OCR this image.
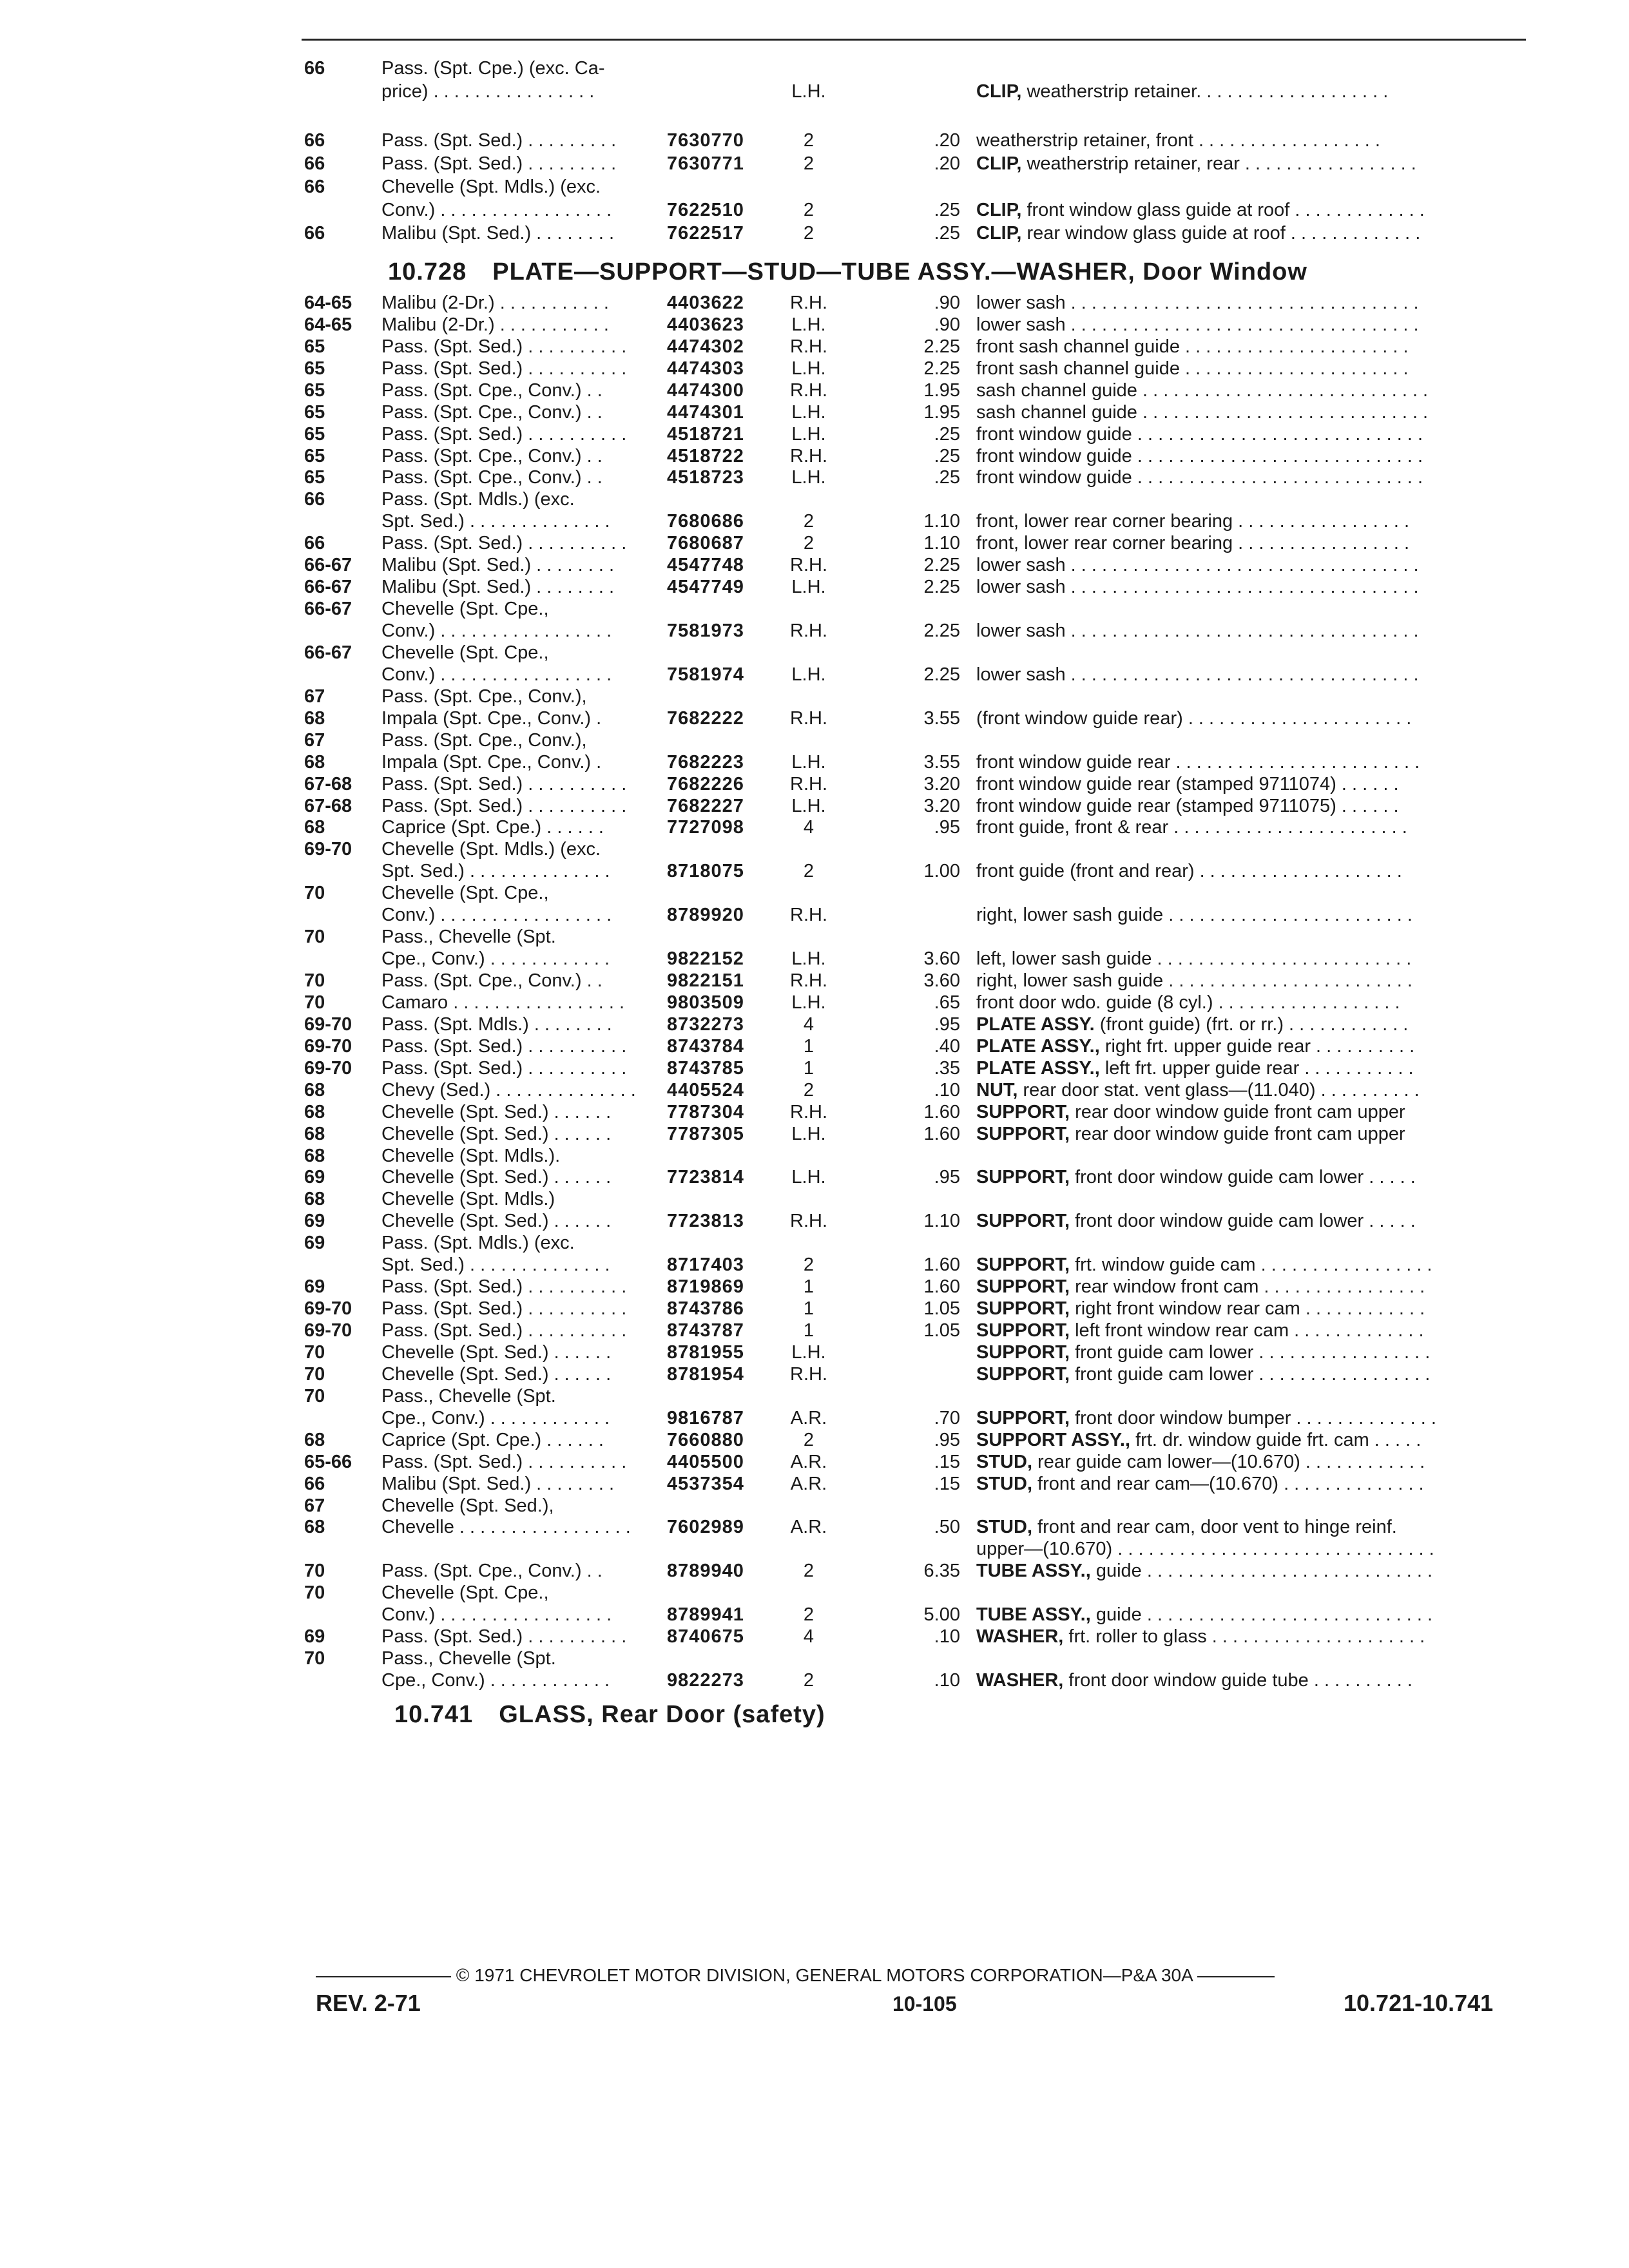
10.728 PLATE—SUPPORT—STUD—TUBE ASSY.—WASHER, Door Window
10.741 GLASS, Rear Door (safety)
66	Pass. (Spt. Cpe.) (exc. Ca-
price) . . . . . . . . . . . . . . . .	L.H.	CLIP, weatherstrip retainer. . . . . . . . . . . . . . . . . . .
66	Pass. (Spt. Sed.) . . . . . . . . .	7630770	2	.20 weatherstrip retainer, front . . . . . . . . . . . . . . . . . .
66	Pass. (Spt. Sed.) . . . . . . . . .	7630771	2	.20 CLIP, weatherstrip retainer, rear . . . . . . . . . . . . . . . . .
66	Chevelle (Spt. Mdls.) (exc.
Conv.) . . . . . . . . . . . . . . . . .	7622510	2	.25 CLIP, front window glass guide at roof . . . . . . . . . . . . .
66	Malibu (Spt. Sed.) . . . . . . . .	7622517	2	.25 CLIP, rear window glass guide at roof . . . . . . . . . . . . .
64-65	Malibu (2-Dr.) . . . . . . . . . . .	4403622	R.H.	.90 lower sash . . . . . . . . . . . . . . . . . . . . . . . . . . . . . . . . . .
64-65	Malibu (2-Dr.) . . . . . . . . . . .	4403623	L.H.	.90 lower sash . . . . . . . . . . . . . . . . . . . . . . . . . . . . . . . . . .
65	Pass. (Spt. Sed.) . . . . . . . . . .	4474302	R.H.	2.25 front sash channel guide . . . . . . . . . . . . . . . . . . . . . .
65	Pass. (Spt. Sed.) . . . . . . . . . .	4474303	L.H.	2.25 front sash channel guide . . . . . . . . . . . . . . . . . . . . . .
65	Pass. (Spt. Cpe., Conv.) . .	4474300	R.H.	1.95 sash channel guide . . . . . . . . . . . . . . . . . . . . . . . . . . . .
65	Pass. (Spt. Cpe., Conv.) . .	4474301	L.H.	1.95 sash channel guide . . . . . . . . . . . . . . . . . . . . . . . . . . . .
65	Pass. (Spt. Sed.) . . . . . . . . . .	4518721	L.H.	.25 front window guide . . . . . . . . . . . . . . . . . . . . . . . . . . . .
65	Pass. (Spt. Cpe., Conv.) . .	4518722	R.H.	.25 front window guide . . . . . . . . . . . . . . . . . . . . . . . . . . . .
65	Pass. (Spt. Cpe., Conv.) . .	4518723	L.H.	.25 front window guide . . . . . . . . . . . . . . . . . . . . . . . . . . . .
66	Pass. (Spt. Mdls.) (exc.
Spt. Sed.) . . . . . . . . . . . . . .	7680686	2	1.10 front, lower rear corner bearing . . . . . . . . . . . . . . . . .
66	Pass. (Spt. Sed.) . . . . . . . . . .	7680687	2	1.10 front, lower rear corner bearing . . . . . . . . . . . . . . . . .
66-67	Malibu (Spt. Sed.) . . . . . . . .	4547748	R.H.	2.25 lower sash . . . . . . . . . . . . . . . . . . . . . . . . . . . . . . . . . .
66-67	Malibu (Spt. Sed.) . . . . . . . .	4547749	L.H.	2.25 lower sash . . . . . . . . . . . . . . . . . . . . . . . . . . . . . . . . . .
66-67	Chevelle (Spt. Cpe.,
Conv.) . . . . . . . . . . . . . . . . .	7581973	R.H.	2.25 lower sash . . . . . . . . . . . . . . . . . . . . . . . . . . . . . . . . . .
66-67	Chevelle (Spt. Cpe.,
Conv.) . . . . . . . . . . . . . . . . .	7581974	L.H.	2.25 lower sash . . . . . . . . . . . . . . . . . . . . . . . . . . . . . . . . . .
67	Pass. (Spt. Cpe., Conv.),
68	Impala (Spt. Cpe., Conv.) .	7682222	R.H.	3.55 (front window guide rear) . . . . . . . . . . . . . . . . . . . . . .
67	Pass. (Spt. Cpe., Conv.),
68	Impala (Spt. Cpe., Conv.) .	7682223	L.H.	3.55 front window guide rear . . . . . . . . . . . . . . . . . . . . . . . .
67-68	Pass. (Spt. Sed.) . . . . . . . . . .	7682226	R.H.	3.20 front window guide rear (stamped 9711074) . . . . . .
67-68	Pass. (Spt. Sed.) . . . . . . . . . .	7682227	L.H.	3.20 front window guide rear (stamped 9711075) . . . . . .
68	Caprice (Spt. Cpe.) . . . . . .	7727098	4	.95 front guide, front & rear . . . . . . . . . . . . . . . . . . . . . . .
69-70	Chevelle (Spt. Mdls.) (exc.
Spt. Sed.) . . . . . . . . . . . . . .	8718075	2	1.00 front guide (front and rear) . . . . . . . . . . . . . . . . . . . .
70	Chevelle (Spt. Cpe.,
Conv.) . . . . . . . . . . . . . . . . .	8789920	R.H.	right, lower sash guide . . . . . . . . . . . . . . . . . . . . . . . .
70	Pass., Chevelle (Spt.
Cpe., Conv.) . . . . . . . . . . . .	9822152	L.H.	3.60 left, lower sash guide . . . . . . . . . . . . . . . . . . . . . . . . .
70	Pass. (Spt. Cpe., Conv.) . .	9822151	R.H.	3.60 right, lower sash guide . . . . . . . . . . . . . . . . . . . . . . . .
70	Camaro . . . . . . . . . . . . . . . . .	9803509	L.H.	.65 front door wdo. guide (8 cyl.) . . . . . . . . . . . . . . . . . .
69-70	Pass. (Spt. Mdls.) . . . . . . . .	8732273	4	.95 PLATE ASSY. (front guide) (frt. or rr.) . . . . . . . . . . . .
69-70	Pass. (Spt. Sed.) . . . . . . . . . .	8743784	1	.40 PLATE ASSY., right frt. upper guide rear . . . . . . . . . .
69-70	Pass. (Spt. Sed.) . . . . . . . . . .	8743785	1	.35 PLATE ASSY., left frt. upper guide rear . . . . . . . . . . .
68	Chevy (Sed.) . . . . . . . . . . . . . .	4405524	2	.10 NUT, rear door stat. vent glass—(11.040) . . . . . . . . . .
68	Chevelle (Spt. Sed.) . . . . . .	7787304	R.H.	1.60 SUPPORT, rear door window guide front cam upper
68	Chevelle (Spt. Sed.) . . . . . .	7787305	L.H.	1.60 SUPPORT, rear door window guide front cam upper
68	Chevelle (Spt. Mdls.).
69	Chevelle (Spt. Sed.) . . . . . .	7723814	L.H.	.95 SUPPORT, front door window guide cam lower . . . . .
68	Chevelle (Spt. Mdls.)
69	Chevelle (Spt. Sed.) . . . . . .	7723813	R.H.	1.10 SUPPORT, front door window guide cam lower . . . . .
69	Pass. (Spt. Mdls.) (exc.
Spt. Sed.) . . . . . . . . . . . . . .	8717403	2	1.60 SUPPORT, frt. window guide cam . . . . . . . . . . . . . . . . .
69	Pass. (Spt. Sed.) . . . . . . . . . .	8719869	1	1.60 SUPPORT, rear window front cam . . . . . . . . . . . . . . . .
69-70	Pass. (Spt. Sed.) . . . . . . . . . .	8743786	1	1.05 SUPPORT, right front window rear cam . . . . . . . . . . . .
69-70	Pass. (Spt. Sed.) . . . . . . . . . .	8743787	1	1.05 SUPPORT, left front window rear cam . . . . . . . . . . . . .
70	Chevelle (Spt. Sed.) . . . . . .	8781955	L.H.	SUPPORT, front guide cam lower . . . . . . . . . . . . . . . . .
70	Chevelle (Spt. Sed.) . . . . . .	8781954	R.H.	SUPPORT, front guide cam lower . . . . . . . . . . . . . . . . .
70	Pass., Chevelle (Spt.
Cpe., Conv.) . . . . . . . . . . . .	9816787	A.R.	.70 SUPPORT, front door window bumper . . . . . . . . . . . . . .
68	Caprice (Spt. Cpe.) . . . . . .	7660880	2	.95 SUPPORT ASSY., frt. dr. window guide frt. cam . . . . .
65-66	Pass. (Spt. Sed.) . . . . . . . . . .	4405500	A.R.	.15 STUD, rear guide cam lower—(10.670) . . . . . . . . . . . .
66	Malibu (Spt. Sed.) . . . . . . . .	4537354	A.R.	.15 STUD, front and rear cam—(10.670) . . . . . . . . . . . . . .
67	Chevelle (Spt. Sed.),
68	Chevelle . . . . . . . . . . . . . . . . .	7602989	A.R.	.50 STUD, front and rear cam, door vent to hinge reinf.
upper—(10.670) . . . . . . . . . . . . . . . . . . . . . . . . . . . . . . .
70	Pass. (Spt. Cpe., Conv.) . .	8789940	2	6.35 TUBE ASSY., guide . . . . . . . . . . . . . . . . . . . . . . . . . . . .
70	Chevelle (Spt. Cpe.,
Conv.) . . . . . . . . . . . . . . . . .	8789941	2	5.00 TUBE ASSY., guide . . . . . . . . . . . . . . . . . . . . . . . . . . . .
69	Pass. (Spt. Sed.) . . . . . . . . . .	8740675	4	.10 WASHER, frt. roller to glass . . . . . . . . . . . . . . . . . . . . .
70	Pass., Chevelle (Spt.
Cpe., Conv.) . . . . . . . . . . . .	9822273	2	.10 WASHER, front door window guide tube . . . . . . . . . .
© 1971 CHEVROLET MOTOR DIVISION, GENERAL MOTORS CORPORATION—P&A 30A
REV. 2-71	10-105	10.721-10.741
